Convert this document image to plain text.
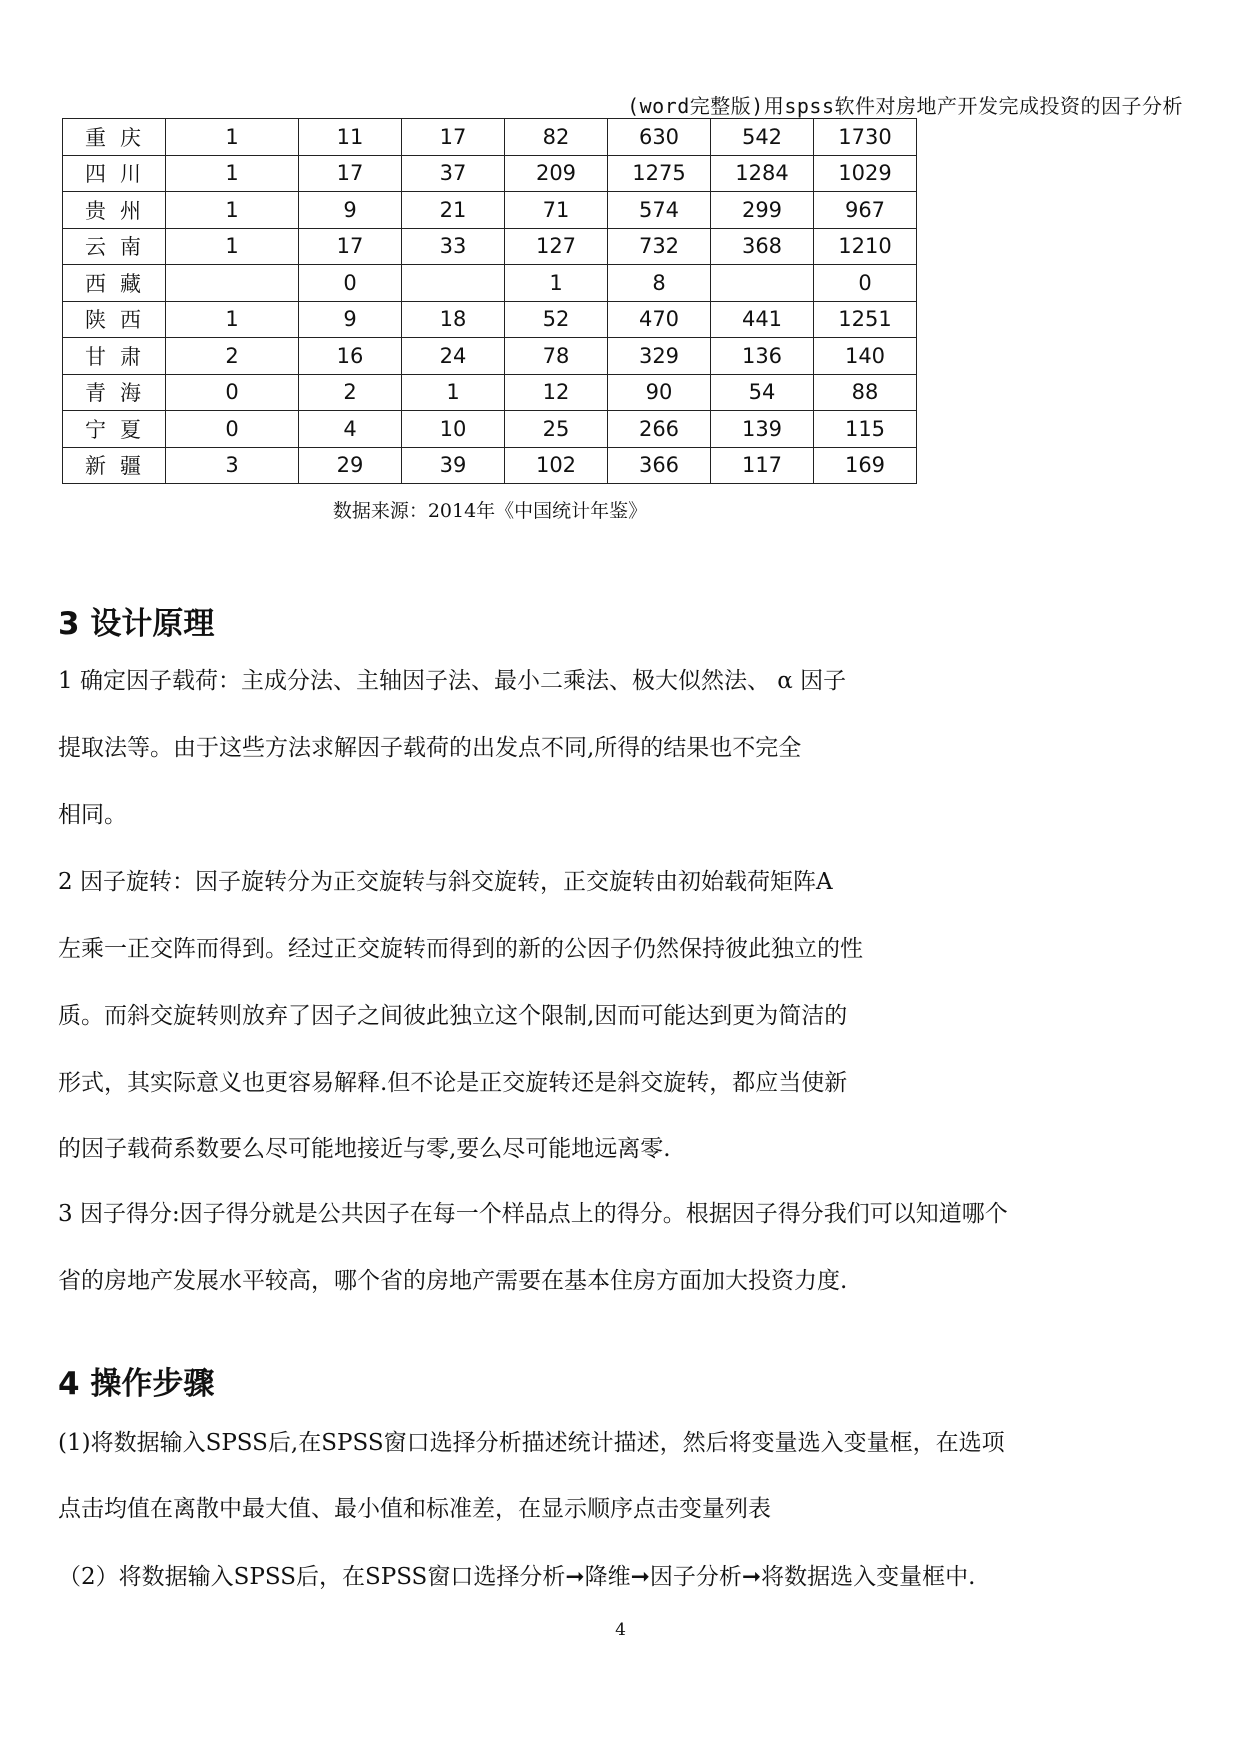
(word完整版)用spss软件对房地产开发完成投资的因子分析
重庆	1	11	17	82	630	542	1730
四川	1	17	37	209	1275	1284	1029
贵州	1	9	21	71	574	299	967
云南	1	17	33	127	732	368	1210
西藏		0		1	8		0
陕西	1	9	18	52	470	441	1251
甘肃	2	16	24	78	329	136	140
青海	0	2	1	12	90	54	88
宁夏	0	4	10	25	266	139	115
新疆	3	29	39	102	366	117	169
数据来源：2014年《中国统计年鉴》
3 设计原理
1 确定因子载荷：主成分法、主轴因子法、最小二乘法、极大似然法、 α 因子
提取法等。由于这些方法求解因子载荷的出发点不同,所得的结果也不完全
相同。
2 因子旋转：因子旋转分为正交旋转与斜交旋转，正交旋转由初始载荷矩阵A
左乘一正交阵而得到。经过正交旋转而得到的新的公因子仍然保持彼此独立的性
质。而斜交旋转则放弃了因子之间彼此独立这个限制,因而可能达到更为简洁的
形式，其实际意义也更容易解释.但不论是正交旋转还是斜交旋转，都应当使新
的因子载荷系数要么尽可能地接近与零,要么尽可能地远离零.
3 因子得分:因子得分就是公共因子在每一个样品点上的得分。根据因子得分我们可以知道哪个
省的房地产发展水平较高，哪个省的房地产需要在基本住房方面加大投资力度.
4 操作步骤
(1)将数据输入SPSS后,在SPSS窗口选择分析描述统计描述，然后将变量选入变量框，在选项
点击均值在离散中最大值、最小值和标准差，在显示顺序点击变量列表
（2）将数据输入SPSS后，在SPSS窗口选择分析➞降维➞因子分析➞将数据选入变量框中.
4
